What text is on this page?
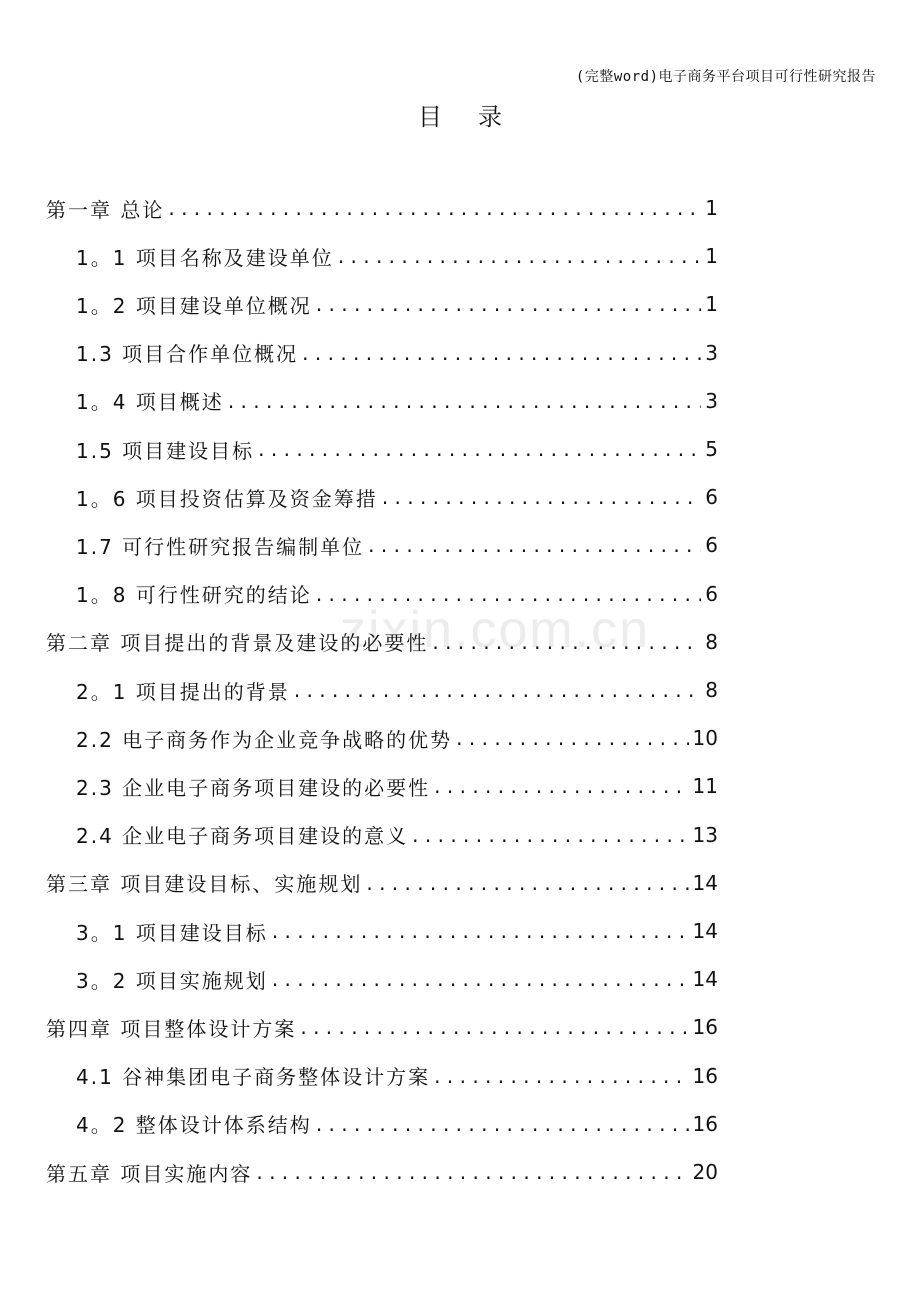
(完整word)电子商务平台项目可行性研究报告
目录
zixin.com.cn
第一章 总论 . . .	1
1。1 项目名称及建设单位 . . .	1
1。2 项目建设单位概况 . . .	1
1.3 项目合作单位概况 . . .	3
1。4 项目概述 . . .	3
1.5 项目建设目标 . . .	5
1。6 项目投资估算及资金筹措 . . .	6
1.7 可行性研究报告编制单位 . . .	6
1。8 可行性研究的结论 . . .	6
第二章 项目提出的背景及建设的必要性 . . .	8
2。1 项目提出的背景 . . .	8
2.2 电子商务作为企业竞争战略的优势 . . .	10
2.3 企业电子商务项目建设的必要性 . . .	11
2.4 企业电子商务项目建设的意义 . . .	13
第三章 项目建设目标、实施规划 . . .	14
3。1 项目建设目标 . . .	14
3。2 项目实施规划 . . .	14
第四章 项目整体设计方案 . . .	16
4.1 谷神集团电子商务整体设计方案 . . .	16
4。2 整体设计体系结构 . . .	16
第五章 项目实施内容 . . .	20
